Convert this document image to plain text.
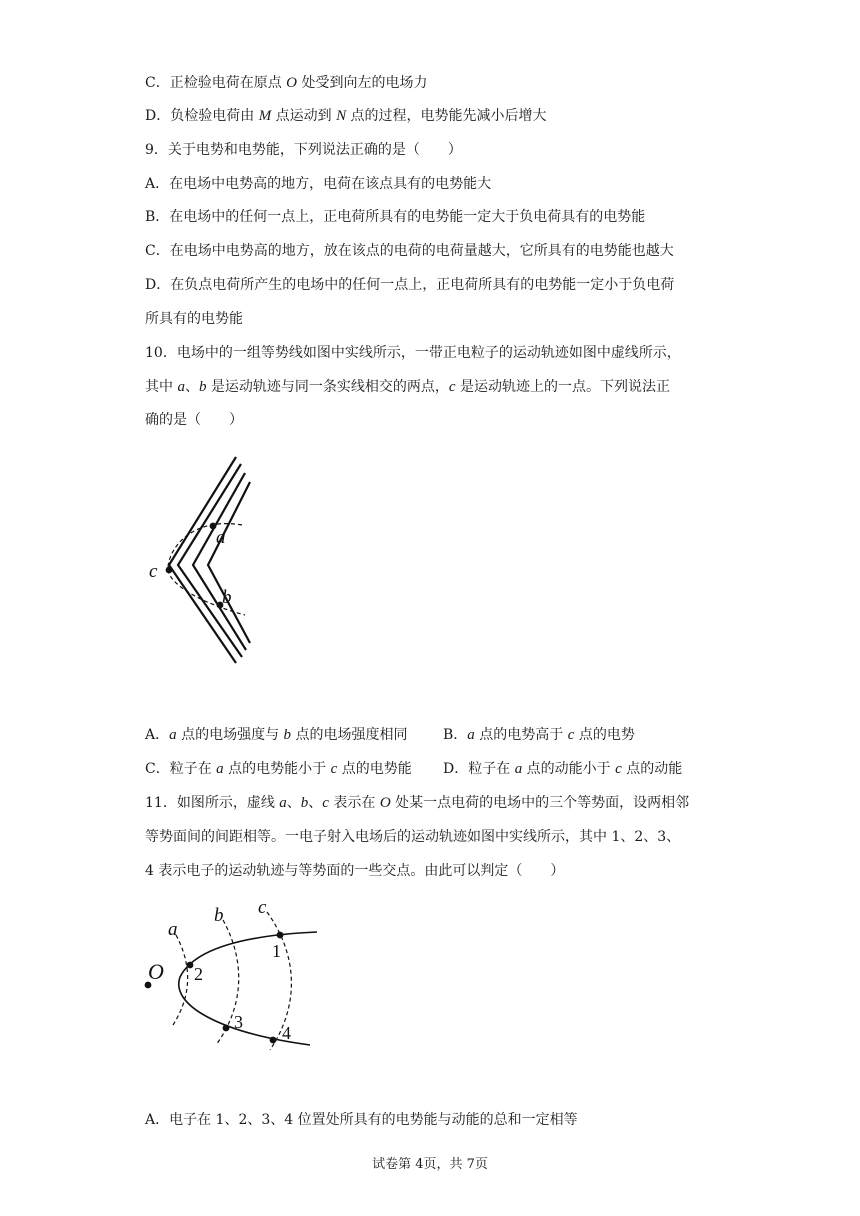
C．正检验电荷在原点 O 处受到向左的电场力
D．负检验电荷由 M 点运动到 N 点的过程，电势能先减小后增大
9．关于电势和电势能，下列说法正确的是（　　）
A．在电场中电势高的地方，电荷在该点具有的电势能大
B．在电场中的任何一点上，正电荷所具有的电势能一定大于负电荷具有的电势能
C．在电场中电势高的地方，放在该点的电荷的电荷量越大，它所具有的电势能也越大
D．在负点电荷所产生的电场中的任何一点上，正电荷所具有的电势能一定小于负电荷
所具有的电势能
10．电场中的一组等势线如图中实线所示，一带正电粒子的运动轨迹如图中虚线所示，
其中 a、b 是运动轨迹与同一条实线相交的两点，c 是运动轨迹上的一点。下列说法正
确的是（　　）
a
c
b
A．a 点的电场强度与 b 点的电场强度相同	B．a 点的电势高于 c 点的电势
C．粒子在 a 点的电势能小于 c 点的电势能 D．粒子在 a 点的动能小于 c 点的动能
11．如图所示，虚线 a、b、c 表示在 O 处某一点电荷的电场中的三个等势面，设两相邻
等势面间的间距相等。一电子射入电场后的运动轨迹如图中实线所示，其中 1、2、3、
4 表示电子的运动轨迹与等势面的一些交点。由此可以判定（　　）
O
a
b c
1
2
3
4
A．电子在 1、2、3、4 位置处所具有的电势能与动能的总和一定相等
试卷第 4页，共 7页
